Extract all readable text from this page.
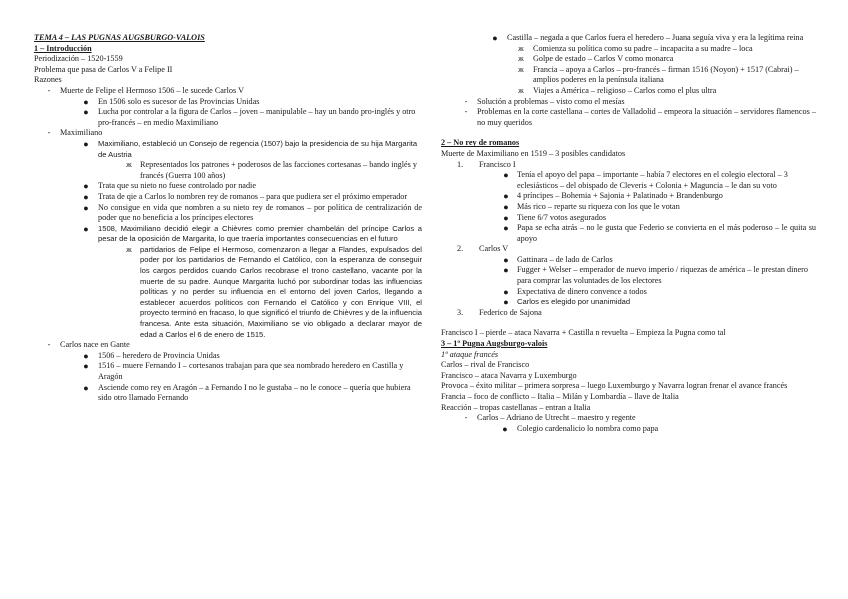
TEMA 4 – LAS PUGNAS AUGSBURGO-VALOIS

1 – Introducción

Periodización – 1520-1559

Problema que pasa de Carlos V a Felipe II

Razones

-	Muerte de Felipe el Hermoso 1506 – le sucede Carlos V
●	En 1506 solo es sucesor de las Provincias Unidas
●	Lucha por controlar a la figura de Carlos – joven – manipulable – hay un bando pro-inglés y otro pro-francés – en medio Maximiliano
-	Maximiliano
●	Maximiliano, estableció un Consejo de regencia (1507) bajo la presidencia de su hija Margarita de Austria
ж Representados los patrones + poderosos de las facciones cortesanas – bando inglés y francés (Guerra 100 años)
●	Trata que su nieto no fuese controlado por nadie
●	Trata de qie a Carlos lo nombren rey de romanos – para que pudiera ser el próximo emperador
●	No consigue en vida que nombren a su nieto rey de romanos – por política de centralización de poder que no beneficia a los príncipes electores
●	1508, Maximiliano decidió elegir a Chièvres como premier chambelán del príncipe Carlos a pesar de la oposición de Margarita, lo que traería importantes consecuencias en el futuro
ж	partidarios de Felipe el Hermoso, comenzaron a llegar a Flandes, expulsados del poder por los partidarios de Fernando el Católico, con la esperanza de conseguir los cargos perdidos cuando Carlos recobrase el trono castellano, vacante por la muerte de su padre. Aunque Margarita luchó por subordinar todas las influencias políticas y no perder su influencia en el entorno del joven Carlos, llegando a establecer acuerdos políticos con Fernando el Católico y con Enrique VIII, el proyecto terminó en fracaso, lo que significó el triunfo de Chièvres y de la influencia francesa. Ante esta situación, Maximiliano se vio obligado a declarar mayor de edad a Carlos el 6 de enero de 1515.
-	Carlos nace en Gante
●	1506 – heredero de Provincia Unidas
●	1516 – muere Fernando I – cortesanos trabajan para que sea nombrado heredero en Castilla y Aragón
●	Asciende como rey en Aragón – a Fernando I no le gustaba – no le conoce – quería que hubiera sido otro llamado Fernando
●	Castilla – negada a que Carlos fuera el heredero – Juana seguía viva y era la legítima reina
ж	Comienza su política como su padre – incapacita a su madre – loca
ж	Golpe de estado – Carlos V como monarca
ж	Francia – apoya a Carlos – pro-francés – firman 1516 (Noyon) + 1517 (Cabrai) – amplios poderes en la península italiana
ж	Viajes a América – religioso – Carlos como el plus ultra
-	Solución a problemas – visto como el mesías
-	Problemas en la corte castellana – cortes de Valladolid – empeora la situación – servidores flamencos – no muy queridos

2 – No rey de romanos

Muerte de Maximiliano en 1519 – 3 posibles candidatos

1.	Francisco I
●	Tenía el apoyo del papa – importante – había 7 electores en el colegio electoral – 3 eclesiásticos – del obispado de Cleveris + Colonia + Maguncia – le dan su voto
●	4 príncipes – Bohemia + Sajonia + Palatinado + Brandenburgo
●	Más rico – reparte su riqueza con los que le votan
●	Tiene 6/7 votos asegurados
●	Papa se echa atrás – no le gusta que Federio se convierta en el más poderoso – le quita su apoyo
2.	Carlos V
●	Gattinara – de lado de Carlos
●	Fugger + Welser – emperador de nuevo imperio / riquezas de américa – le prestan dinero para comprar las voluntades de los electores
●	Expectativa de dinero convence a todos
●	Carlos es elegido por unanimidad
3.	Federico de Sajona

Francisco I – pierde – ataca Navarra + Castilla n revuelta – Empieza la Pugna como tal

3 – 1º Pugna Augsburgo-valois

1º ataque francés

Carlos – rival de Francisco

Francisco – ataca Navarra y Luxemburgo

Provoca – éxito militar – primera sorpresa – luego Luxemburgo y Navarra logran frenar el avance francés

Francia – foco de conflicto – Italia – Milán y Lombardía – llave de Italia

Reacción – tropas castellanas – entran a Italia

-	Carlos – Adriano de Utrecht – maestro y regente
●	Colegio cardenalicio lo nombra como papa
